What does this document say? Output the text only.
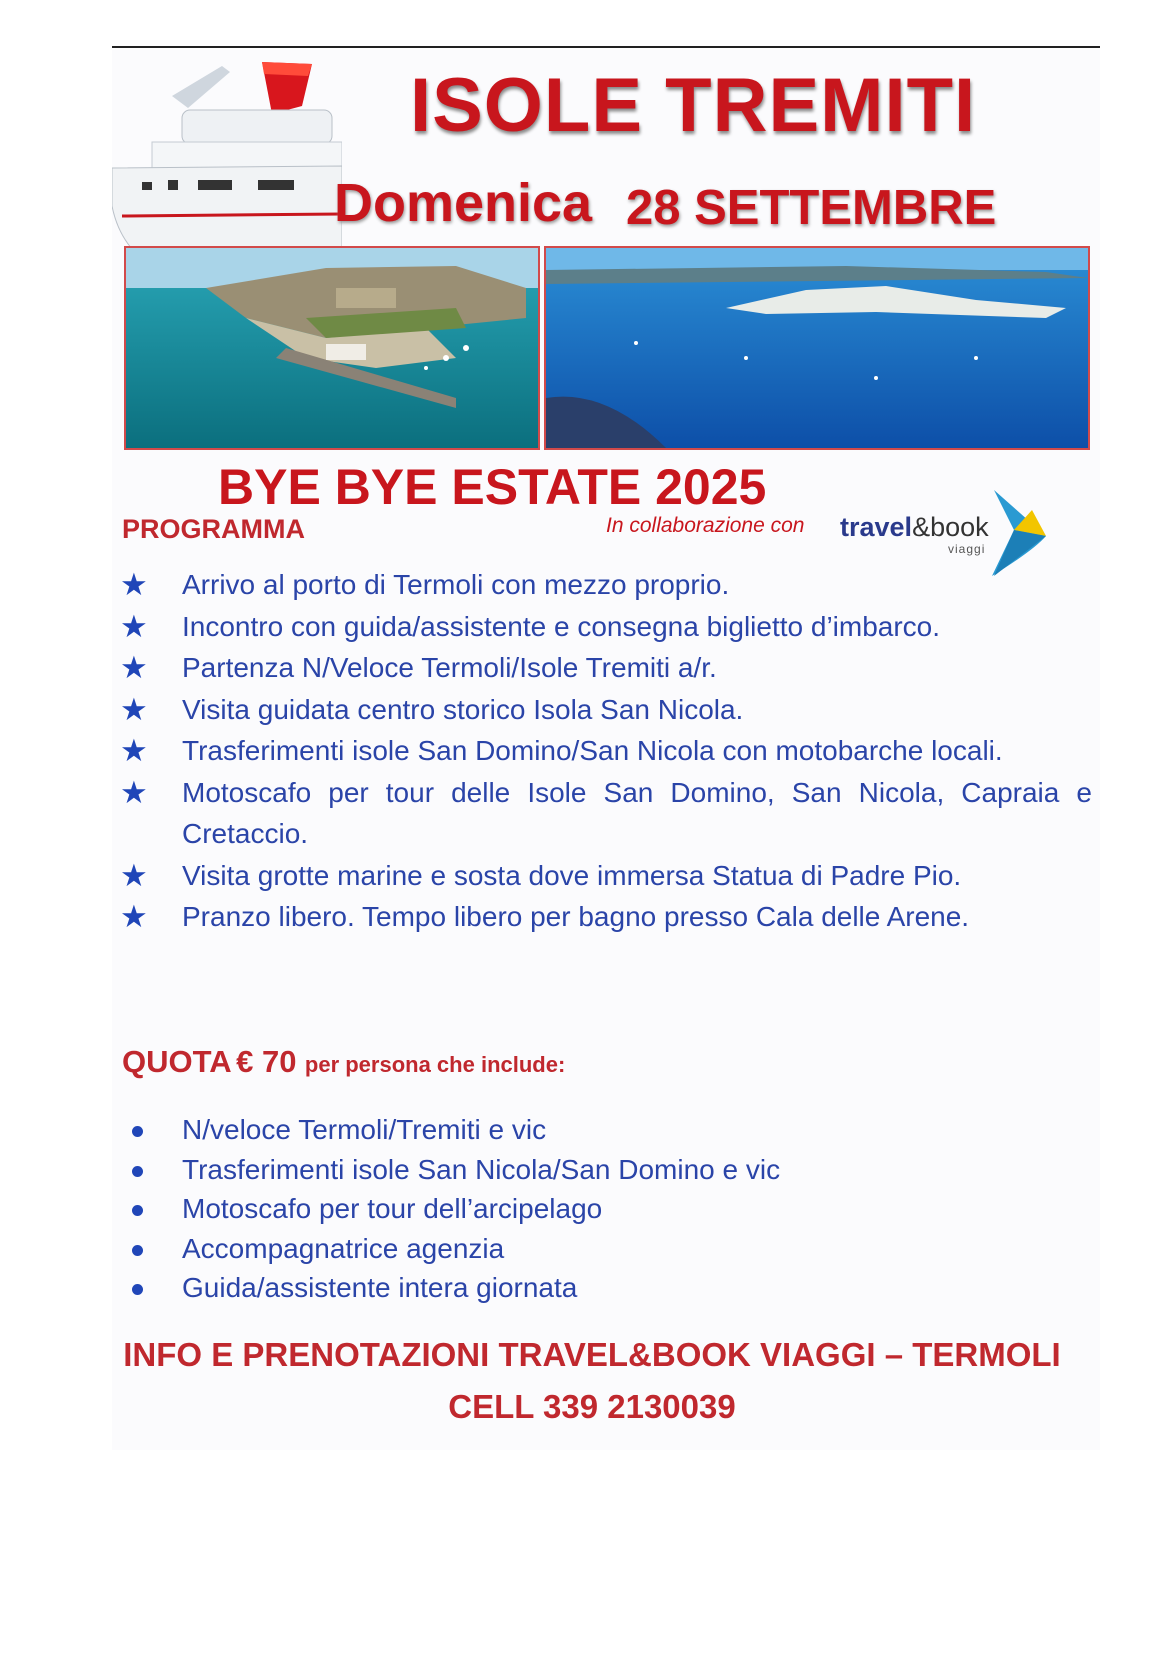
ISOLE TREMITI
Domenica 28 SETTEMBRE
BYE BYE ESTATE 2025
PROGRAMMA	In collaborazione con travel&book
viaggi
★ Arrivo al porto di Termoli con mezzo proprio.
★ Incontro con guida/assistente e consegna biglietto d’imbarco.
★ Partenza N/Veloce Termoli/Isole Tremiti a/r.
★ Visita guidata centro storico Isola San Nicola.
★ Trasferimenti isole San Domino/San Nicola con motobarche locali.
★ Motoscafo per tour delle Isole San Domino, San Nicola, Capraia e Cretaccio.
★ Visita grotte marine e sosta dove immersa Statua di Padre Pio.
★ Pranzo libero. Tempo libero per bagno presso Cala delle Arene.
QUOTA € 70 per persona che include:
N/veloce Termoli/Tremiti e vic
Trasferimenti isole San Nicola/San Domino e vic
Motoscafo per tour dell’arcipelago
Accompagnatrice agenzia
Guida/assistente intera giornata
INFO E PRENOTAZIONI TRAVEL&BOOK VIAGGI – TERMOLI
CELL 339 2130039
